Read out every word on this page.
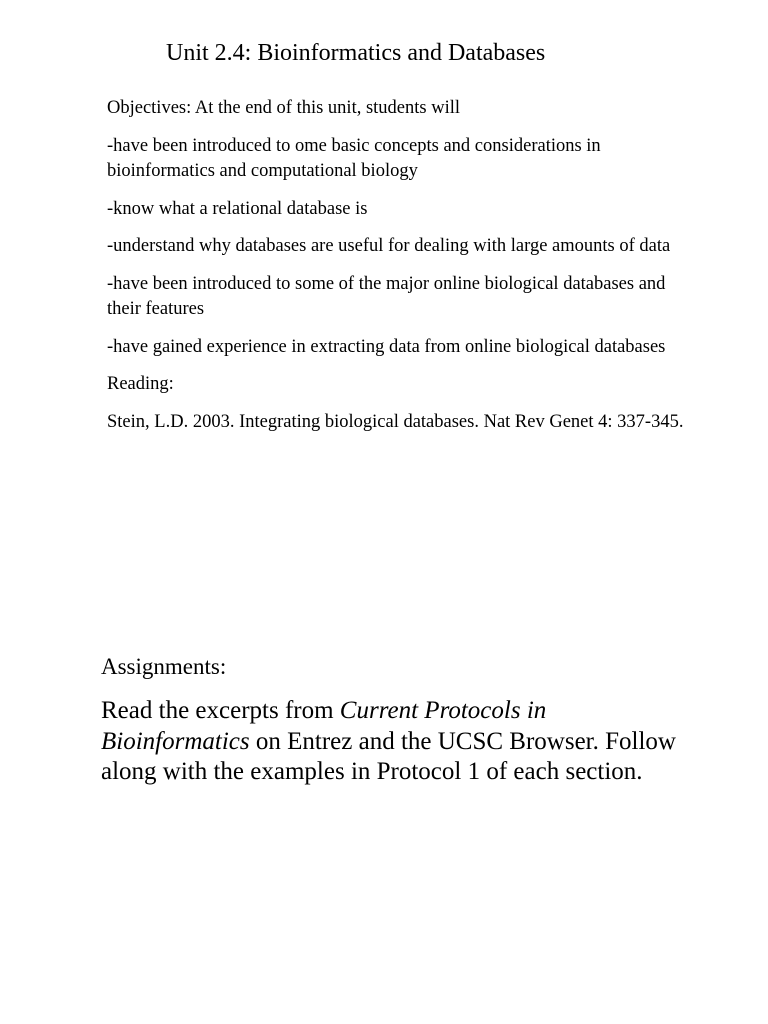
Unit 2.4: Bioinformatics and Databases

Objectives: At the end of this unit, students will

-have been introduced to ome basic concepts and considerations in bioinformatics and computational biology

-know what a relational database is

-understand why databases are useful for dealing with large amounts of data

-have been introduced to some of the major online biological databases and their features

-have gained experience in extracting data from online biological databases

Reading:

Stein, L.D. 2003. Integrating biological databases. Nat Rev Genet 4: 337-345.

Assignments:

Read the excerpts from Current Protocols in Bioinformatics on Entrez and the UCSC Browser. Follow along with the examples in Protocol 1 of each section.
